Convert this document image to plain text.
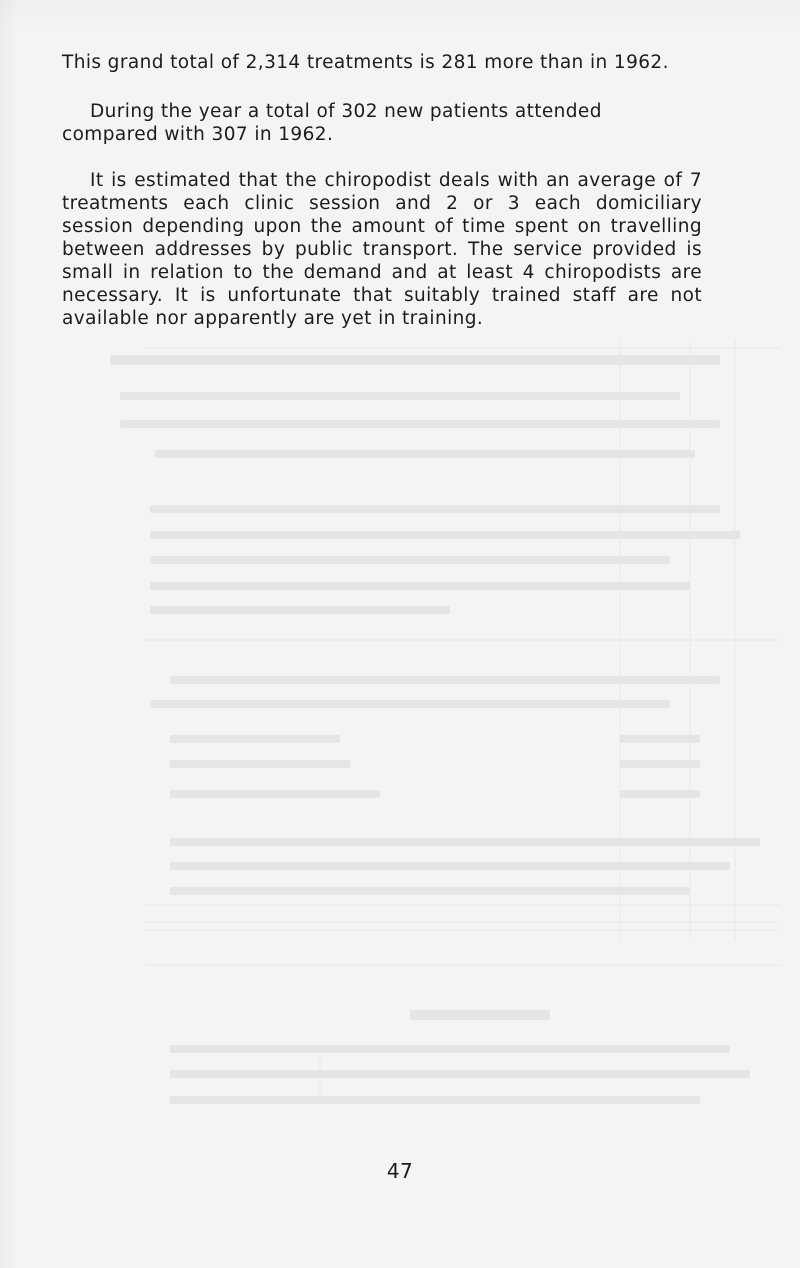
This grand total of 2,314 treatments is 281 more than in 1962.

During the year a total of 302 new patients attended compared with 307 in 1962.

It is estimated that the chiropodist deals with an average of 7 treatments each clinic session and 2 or 3 each domiciliary session depending upon the amount of time spent on travelling between addresses by public transport. The service provided is small in relation to the demand and at least 4 chiropodists are necessary. It is unfortunate that suitably trained staff are not available nor apparently are yet in training.

47
